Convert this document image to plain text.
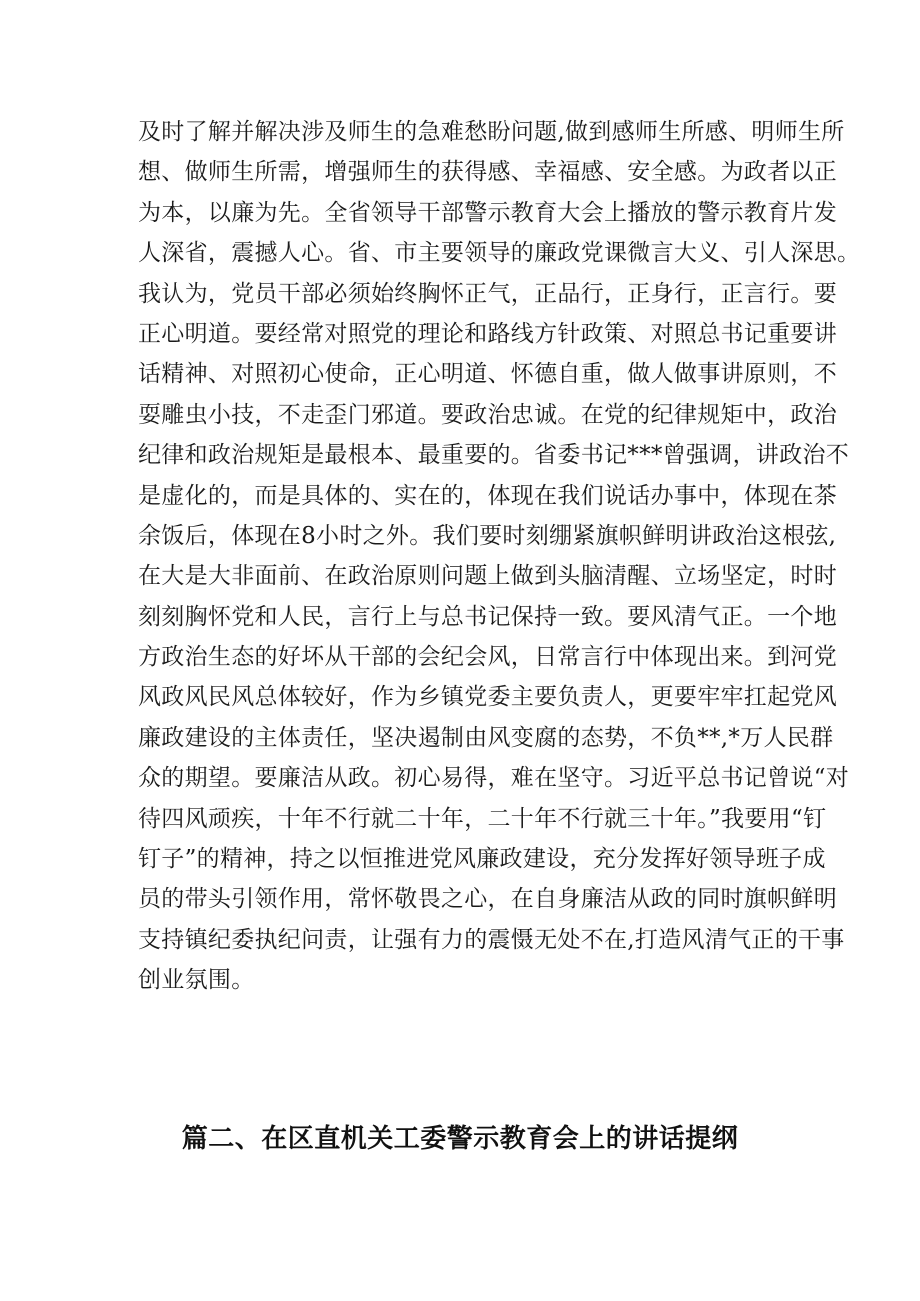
及时了解并解决涉及师生的急难愁盼问题,做到感师生所感、明师生所
想、做师生所需，增强师生的获得感、幸福感、安全感。为政者以正
为本，以廉为先。全省领导干部警示教育大会上播放的警示教育片发
人深省，震撼人心。省、市主要领导的廉政党课微言大义、引人深思。
我认为，党员干部必须始终胸怀正气，正品行，正身行，正言行。要
正心明道。要经常对照党的理论和路线方针政策、对照总书记重要讲
话精神、对照初心使命，正心明道、怀德自重，做人做事讲原则，不
耍雕虫小技，不走歪门邪道。要政治忠诚。在党的纪律规矩中，政治
纪律和政治规矩是最根本、最重要的。省委书记***曾强调，讲政治不
是虚化的，而是具体的、实在的，体现在我们说话办事中，体现在茶
余饭后，体现在8小时之外。我们要时刻绷紧旗帜鲜明讲政治这根弦,
在大是大非面前、在政治原则问题上做到头脑清醒、立场坚定，时时
刻刻胸怀党和人民，言行上与总书记保持一致。要风清气正。一个地
方政治生态的好坏从干部的会纪会风，日常言行中体现出来。到河党
风政风民风总体较好，作为乡镇党委主要负责人，更要牢牢扛起党风
廉政建设的主体责任，坚决遏制由风变腐的态势，不负**,*万人民群
众的期望。要廉洁从政。初心易得，难在坚守。习近平总书记曾说“对
待四风顽疾，十年不行就二十年，二十年不行就三十年。”我要用“钉
钉子”的精神，持之以恒推进党风廉政建设，充分发挥好领导班子成
员的带头引领作用，常怀敬畏之心，在自身廉洁从政的同时旗帜鲜明
支持镇纪委执纪问责，让强有力的震慑无处不在,打造风清气正的干事
创业氛围。
篇二、在区直机关工委警示教育会上的讲话提纲
